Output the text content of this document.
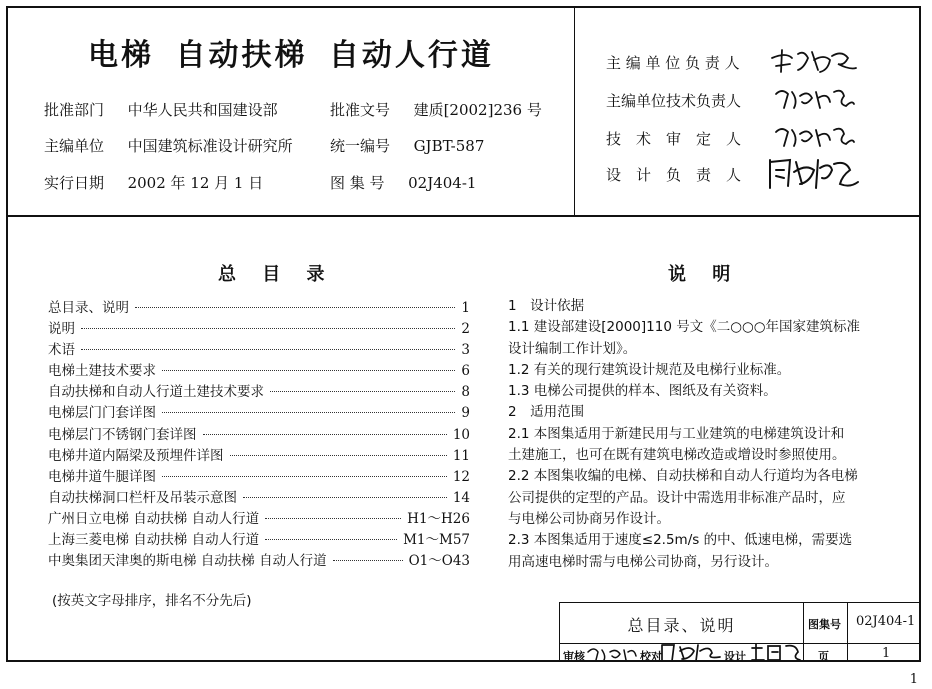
电梯 自动扶梯 自动人行道
批准部门 中华人民共和国建设部	批准文号 建质[2002]236 号
主编单位 中国建筑标准设计研究所 统一编号 GJBT-587
实行日期 2002 年 12 月 1 日	图 集 号 02J404-1
主 编 单 位 负 责 人
主编单位技术负责人
技　术　审　定　人
设　计　负　责　人
总 目 录	说 明
总目录、说明	1
说明	2
术语	3
电梯土建技术要求	6
自动扶梯和自动人行道土建技术要求	8
电梯层门门套详图	9
电梯层门不锈钢门套详图	10
电梯井道内隔梁及预埋件详图	11
电梯井道牛腿详图	12
自动扶梯洞口栏杆及吊装示意图	14
广州日立电梯 自动扶梯 自动人行道	H1～H26
上海三菱电梯 自动扶梯 自动人行道	M1～M57
中奥集团天津奥的斯电梯 自动扶梯 自动人行道	O1～O43
(按英文字母排序，排名不分先后)
1　设计依据
1.1 建设部建设[2000]110 号文《二○○○年国家建筑标准
设计编制工作计划》。
1.2 有关的现行建筑设计规范及电梯行业标准。
1.3 电梯公司提供的样本、图纸及有关资料。
2　适用范围
2.1 本图集适用于新建民用与工业建筑的电梯建筑设计和
土建施工，也可在既有建筑电梯改造或增设时参照使用。
2.2 本图集收编的电梯、自动扶梯和自动人行道均为各电梯
公司提供的定型的产品。设计中需选用非标准产品时，应
与电梯公司协商另作设计。
2.3 本图集适用于速度≤2.5m/s 的中、低速电梯，需要选
用高速电梯时需与电梯公司协商，另行设计。
总目录、说明	图集号 02J404-1
审核	校对	设计	页	1
1
